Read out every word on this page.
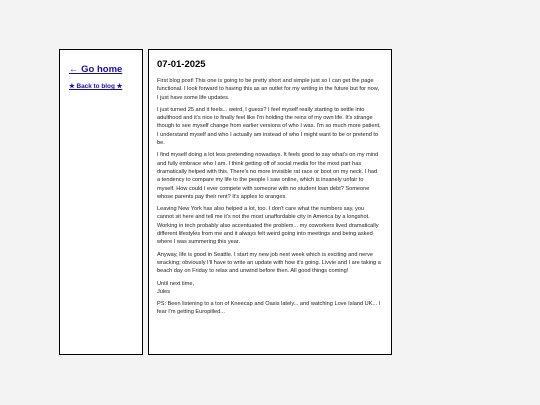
← Go home
★ Back to blog ★
07-01-2025

First blog post! This one is going to be pretty short and simple just so I can get the page functional. I look forward to having this as an outlet for my writing in the future but for now, I just have some life updates.

I just turned 25 and it feels... weird, I guess? I feel myself really starting to settle into adulthood and it's nice to finally feel like I'm holding the reins of my own life. It's strange though to see myself change from earlier versions of who I was. I'm so much more patient, I understand myself and who I actually am instead of who I might want to be or pretend to be.

I find myself doing a lot less pretending nowadays. It feels good to say what's on my mind and fully embrace who I am. I think getting off of social media for the most part has dramatically helped with this. There's no more invisible rat race or boot on my neck. I had a tendency to compare my life to the people I saw online, which is insanely unfair to myself. How could I ever compete with someone with no student loan debt? Someone whose parents pay their rent? It's apples to oranges.

Leaving New York has also helped a lot, too. I don't care what the numbers say, you cannot sit here and tell me it's not the most unaffordable city in America by a longshot. Working in tech probably also accentuated the problem... my coworkers lived dramatically different lifestyles from me and it always felt weird going into meetings and being asked where I was summering this year.

Anyway, life is good in Seattle. I start my new job next week which is exciting and nerve wracking; obviously I'll have to write an update with how it's going. Livvie and I are taking a beach day on Friday to relax and unwind before then. All good things coming!

Until next time,
Jules

PS: Been listening to a ton of Kneecap and Oasis lately... and watching Love Island UK... I fear I'm getting Europilled...
